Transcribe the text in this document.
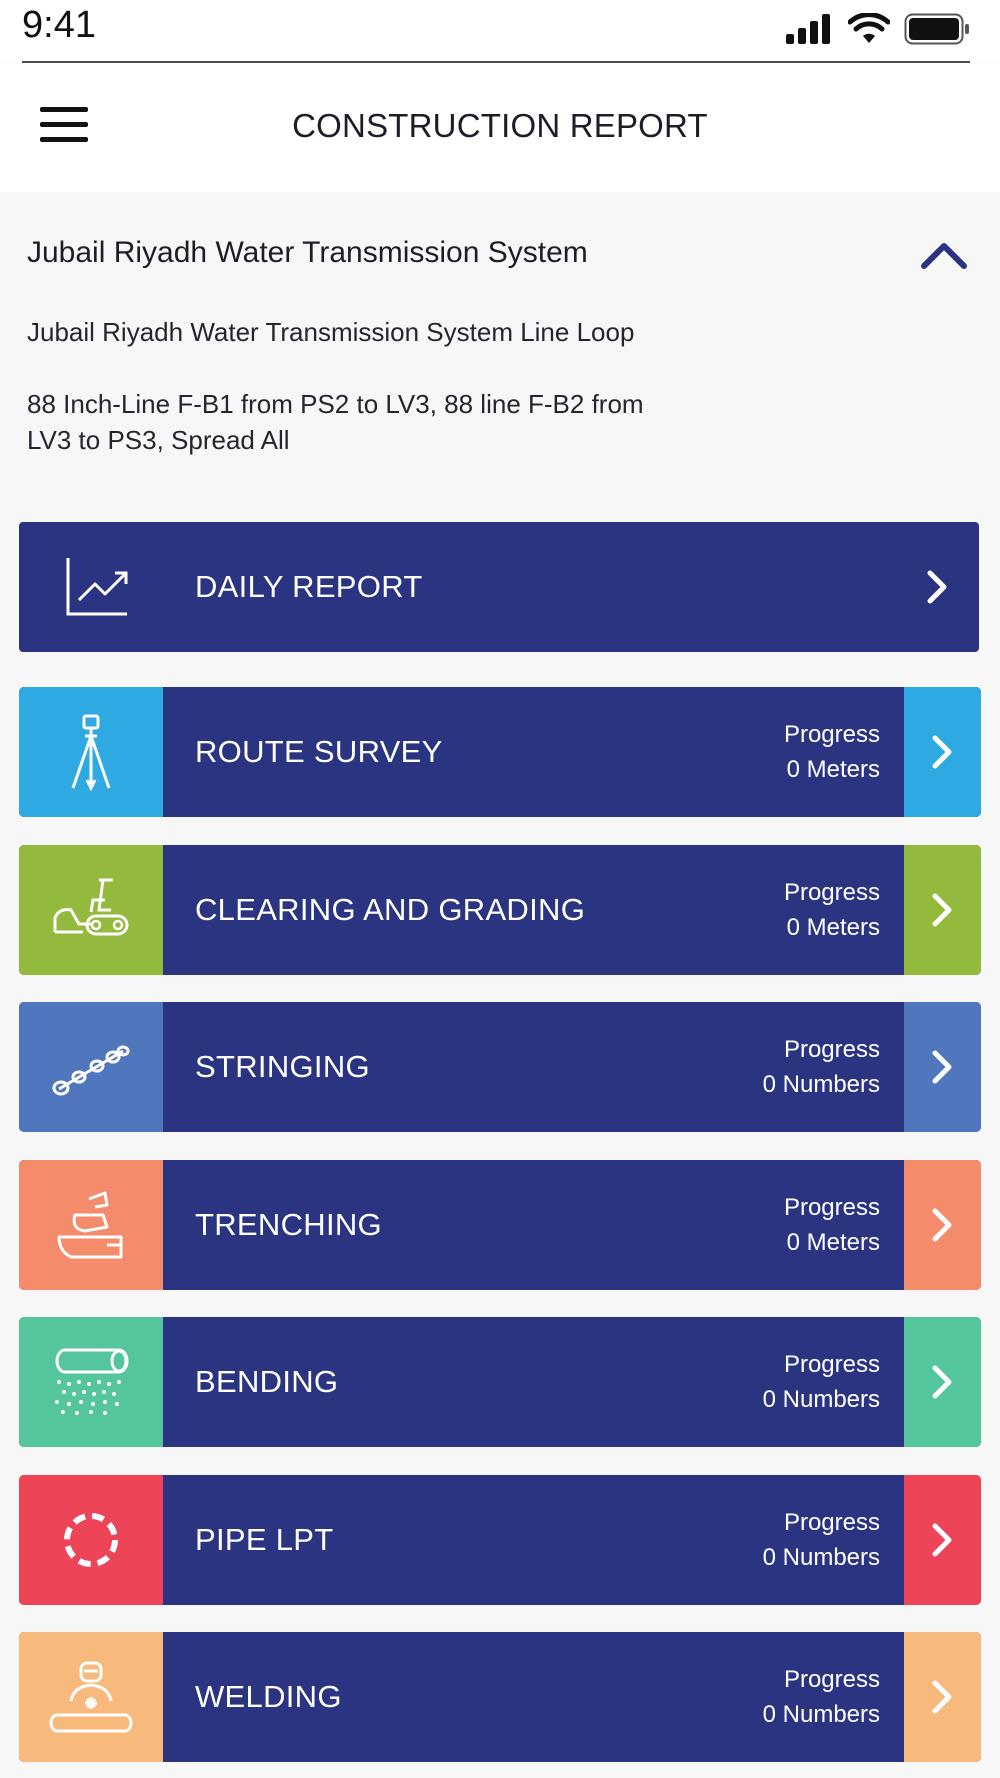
9:41
CONSTRUCTION REPORT
Jubail Riyadh Water Transmission System
Jubail Riyadh Water Transmission System Line Loop
88 Inch-Line F-B1 from PS2 to LV3, 88 line F-B2 from LV3 to PS3, Spread All
DAILY REPORT
ROUTE SURVEY	Progress
0 Meters
CLEARING AND GRADING	Progress
0 Meters
STRINGING	Progress
0 Numbers
TRENCHING	Progress
0 Meters
BENDING	Progress
0 Numbers
PIPE LPT	Progress
0 Numbers
WELDING	Progress
0 Numbers
